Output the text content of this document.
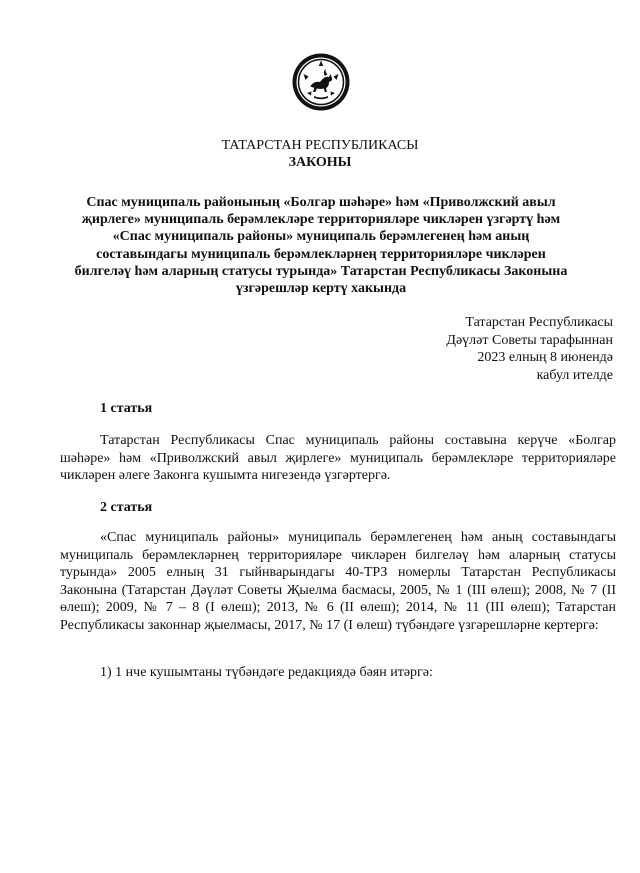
ТАТАРСТАН РЕСПУБЛИКАСЫ
ЗАКОНЫ
Спас муниципаль районының «Болгар шәһәре» һәм «Приволжский авыл
җирлеге» муниципаль берәмлекләре территорияләре чикләрен үзгәртү һәм
«Спас муниципаль районы» муниципаль берәмлегенең һәм аның
составындагы муниципаль берәмлекләрнең территорияләре чикләрен
билгеләү һәм аларның статусы турында» Татарстан Республикасы Законына
үзгәрешләр кертү хакында
Татарстан Республикасы
Дәүләт Советы тарафыннан
2023 елның 8 июнендә
кабул ителде
1 статья
Татарстан Республикасы Спас муниципаль районы составына керүче «Болгар шәһәре» һәм «Приволжский авыл җирлеге» муниципаль берәмлекләре территорияләре чикләрен әлеге Законга кушымта нигезендә үзгәртергә.
2 статья
«Спас муниципаль районы» муниципаль берәмлегенең һәм аның составындагы муниципаль берәмлекләрнең территорияләре чикләрен билгеләү һәм аларның статусы турында» 2005 елның 31 гыйнварындагы 40-ТРЗ номерлы Татарстан Республикасы Законына (Татарстан Дәүләт Советы Җыелма басмасы, 2005, № 1 (III өлеш); 2008, № 7 (II өлеш); 2009, № 7 – 8 (I өлеш); 2013, № 6 (II өлеш); 2014, № 11 (III өлеш); Татарстан Республикасы законнар җыелмасы, 2017, № 17 (I өлеш) түбәндәге үзгәрешләрне кертергә:
1) 1 нче кушымтаны түбәндәге редакциядә бәян итәргә:
